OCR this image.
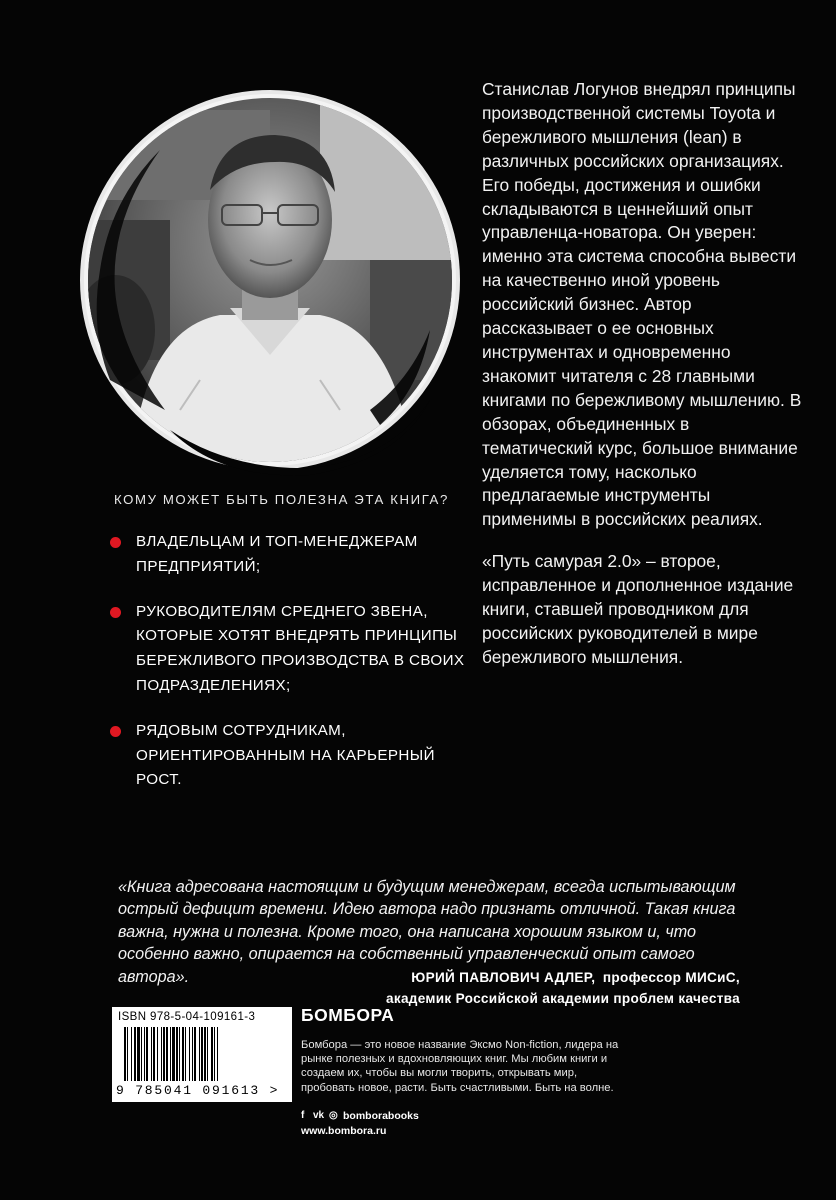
Станислав Логунов внедрял принципы производственной системы Toyota и бережливого мышления (lean) в различных российских организациях. Его победы, достижения и ошибки складываются в ценнейший опыт управленца-новатора. Он уверен: именно эта система способна вывести на качественно иной уровень российский бизнес. Автор рассказывает о ее основных инструментах и одновременно знакомит читателя с 28 главными книгами по бережливому мышлению. В обзорах, объединенных в тематический курс, большое внимание уделяется тому, насколько предлагаемые инструменты применимы в российских реалиях.

«Путь самурая 2.0» – второе, исправленное и дополненное издание книги, ставшей проводником для российских руководителей в мире бережливого мышления.

КОМУ МОЖЕТ БЫТЬ ПОЛЕЗНА ЭТА КНИГА?
ВЛАДЕЛЬЦАМ И ТОП-МЕНЕДЖЕРАМ ПРЕДПРИЯТИЙ;
РУКОВОДИТЕЛЯМ СРЕДНЕГО ЗВЕНА, КОТОРЫЕ ХОТЯТ ВНЕДРЯТЬ ПРИНЦИПЫ БЕРЕЖЛИВОГО ПРОИЗВОДСТВА В СВОИХ ПОДРАЗДЕЛЕНИЯХ;
РЯДОВЫМ СОТРУДНИКАМ, ОРИЕНТИРОВАННЫМ НА КАРЬЕРНЫЙ РОСТ.
«Книга адресована настоящим и будущим менеджерам, всегда испытывающим острый дефицит времени. Идею автора надо признать отличной. Такая книга важна, нужна и полезна. Кроме того, она написана хорошим языком и, что особенно важно, опирается на собственный управленческий опыт самого автора».	ЮРИЙ ПАВЛОВИЧ АДЛЕР, профессор МИСиС,
академик Российской академии проблем качества
ISBN 978-5-04-109161-3
9 785041 091613 >
БОМБОРА
Бомбора — это новое название Эксмо Non-fiction, лидера на рынке полезных и вдохновляющих книг. Мы любим книги и создаем их, чтобы вы могли творить, открывать мир, пробовать новое, расти. Быть счастливыми. Быть на волне.
f vk ◎ bomborabooks
www.bombora.ru
